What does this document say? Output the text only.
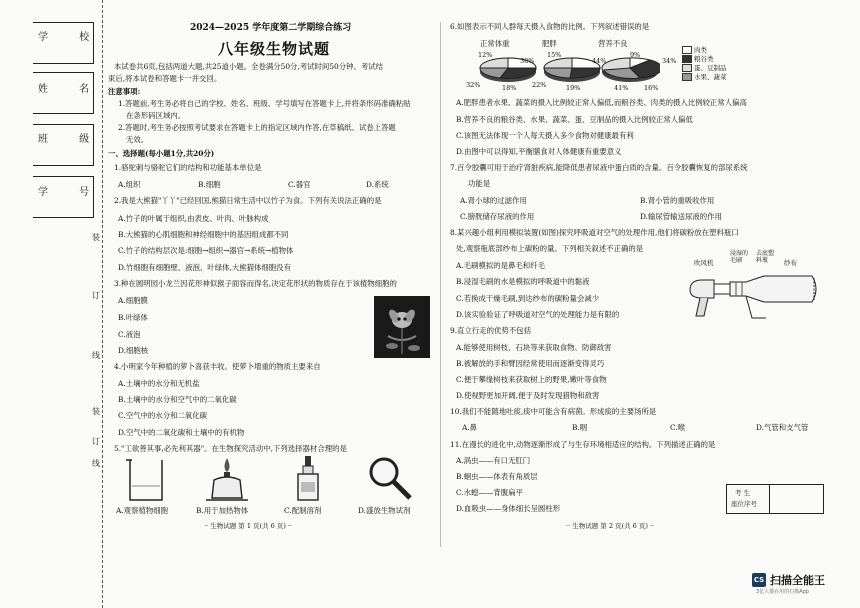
学 校
姓 名
班 级
学 号
装
订
线
装
订
线
2024—2025 学年度第二学期综合练习
八年级生物试题
本试卷共6页,包括两道大题,共25道小题。全卷满分50分,考试时间50分钟。考试结
束后,将本试卷和答题卡一并交回。
注意事项:
1.答题前,考生务必将自己的学校、姓名、班级、学号填写在答题卡上,并将条形码准确粘贴
在条形码区域内。
2.答题时,考生务必按照考试要求在答题卡上的指定区域内作答,在草稿纸、试卷上答题
无效。
一、选择题(每小题1分,共20分)
1.骆驼刺与骆驼它们的结构和功能基本单位是
A.组织	B.细胞	C.器官	D.系统
2.我是大熊猫"丫丫"已经回国,熊猫日常生活中以竹子为食。下列有关说法正确的是
A.竹子的叶属于组织,由表皮、叶肉、叶脉构成
B.大熊猫的心肌细胞和神经细胞中的基因组成都不同
C.竹子的结构层次是:细胞→组织→器官→系统→植物体
D.竹细胞有细胞壁、液泡、叶绿体,大熊猫体细胞没有
3.种在圆明园小龙兰因花形神似猴子面容而得名,决定花形状的物质存在于该植物细胞的
A.细胞膜
B.叶绿体
C.液泡
D.细胞核
4.小明家今年种植的萝卜喜获丰收。使萝卜增重的物质主要来自
A.土壤中的水分和无机盐
B.土壤中的水分和空气中的二氧化碳
C.空气中的水分和二氧化碳
D.空气中的二氧化碳和土壤中的有机物
5."工欲善其事,必先利其器"。在生物探究活动中,下列选择器材合理的是
A.观察植物细胞	B.用于加热物体	C.配制溶剂	D.盛放生物试剂
·· 生物试题 第 1 页(共 6 页) ··
6.如图表示不同人群每天摄入食物的比例。下列叙述错误的是
正常体重	肥胖	营养不良
12%
38%
32%	18%
15%
44%
22%	19%
9%
34%
41% 16%
肉类
粮谷类
蛋、豆制品
水果、蔬菜
A.肥胖患者水果、蔬菜的摄入比例较正常人偏低,而粮谷类、肉类的摄入比例较正常人偏高
B.营养不良的粮谷类、水果、蔬菜、蛋、豆制品的摄入比例较正常人偏低
C.该图无法体现一个人每天摄入多少食物对健康最有利
D.由图中可以得知,平衡膳食对人体健康有重要意义
7.百令胶囊可用于治疗肾脏疾病,能降低患者尿液中蛋白质的含量。百令胶囊恢复的部尿系统
功能是
A.肾小球的过滤作用	B.肾小管的重吸收作用
C.膀胱储存尿液的作用	D.输尿管输送尿液的作用
8.某兴趣小组利用模拟装置(如图)探究呼吸道对空气的处理作用,他们将碳粉放在塑料瓶口
处,观察瓶底部纱布上碳粉的量。下列相关叙述不正确的是
A.毛刷模拟的是鼻毛和纤毛
B.浸湿毛刷的水是模拟的呼吸道中的黏液
C.若换成干燥毛刷,到达纱布的碳粉量会减少
D.该实验验证了呼吸道对空气的处理能力是有限的
吹风机
浸湿的毛刷
去底塑料瓶	纱布
9.直立行走的优势不包括
A.能够使用树枝、石块等来获取食物、防御敌害
B.被解放的手和臂因经常使用而逐渐变得灵巧
C.便于攀缘树枝来获取树上的野果,嫩叶等食物
D.使视野更加开阔,便于及时发现猎物和敌害
10.我们不能随地吐痰,痰中可能含有病菌。形成痰的主要场所是
A.鼻	B.咽	C.喉	D.气管和支气管
11.在漫长的进化中,动物逐渐形成了与生存环境相适应的结构。下列描述正确的是
A.涡虫——有口无肛门
B.蛔虫——体表有角质层
C.水螅——背腹扁平
D.血吸虫——身体细长呈圆柱形
考 生
座位序号
·· 生物试题 第 2 页(共 6 页) ··
CS 扫描全能王
3亿人都在用的扫描App
